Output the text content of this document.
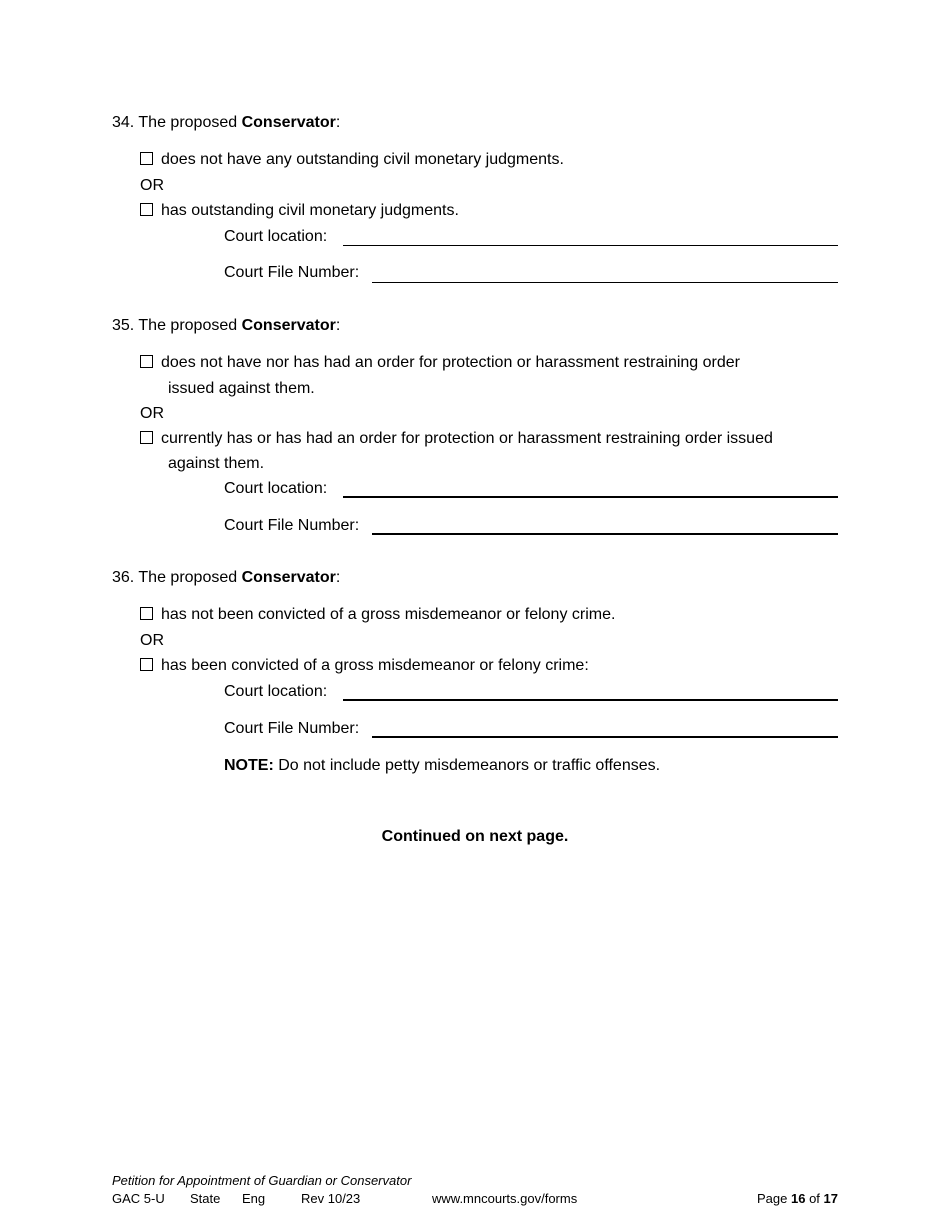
34. The proposed Conservator:
does not have any outstanding civil monetary judgments.
OR
has outstanding civil monetary judgments.
Court location:
Court File Number:
35. The proposed Conservator:
does not have nor has had an order for protection or harassment restraining order
issued against them.
OR
currently has or has had an order for protection or harassment restraining order issued
against them.
Court location:
Court File Number:
36. The proposed Conservator:
has not been convicted of a gross misdemeanor or felony crime.
OR
has been convicted of a gross misdemeanor or felony crime:
Court location:
Court File Number:
NOTE: Do not include petty misdemeanors or traffic offenses.
Continued on next page.
Petition for Appointment of Guardian or Conservator
GAC 5-U State Eng	Rev 10/23	www.mncourts.gov/forms	Page 16 of 17
